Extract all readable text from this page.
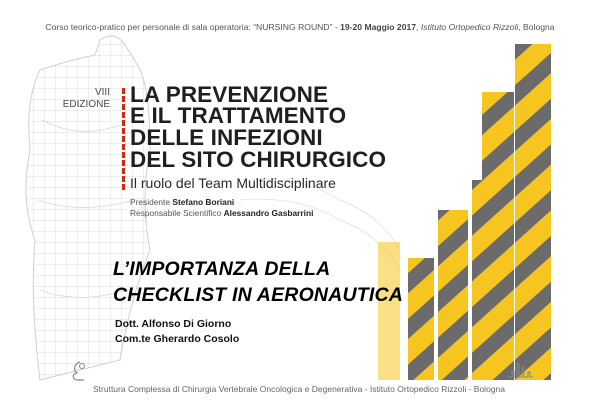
Corso teorico-pratico per personale di sala operatoria: “NURSING ROUND” - 19-20 Maggio 2017, Istituto Ortopedico Rizzoli, Bologna
VIII
EDIZIONE LA PREVENZIONE
E IL TRATTAMENTO
DELLE INFEZIONI
DEL SITO CHIRURGICO
Il ruolo del Team Multidisciplinare
Presidente Stefano Boriani
Responsabile Scientifico Alessandro Gasbarrini
L’IMPORTANZA DELLA
CHECKLIST IN AERONAUTICA
Dott. Alfonso Di Giorno
Com.te Gherardo Cosolo
Struttura Complessa di Chirurgia Vertebrale Oncologica e Degenerativa - Istituto Ortopedico Rizzoli - Bologna
